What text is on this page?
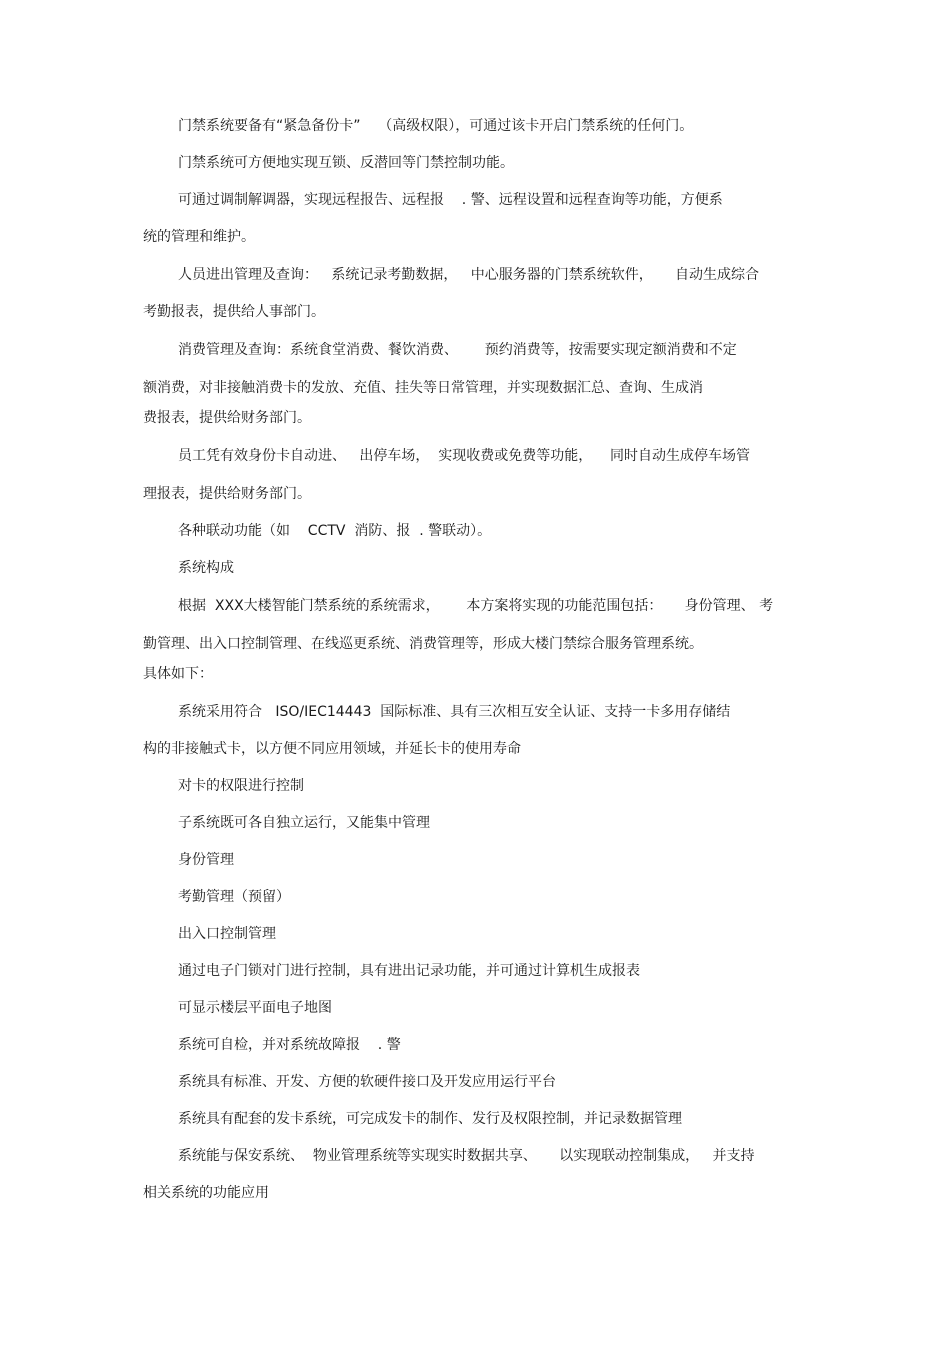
门禁系统要备有“紧急备份卡”    （高级权限），可通过该卡开启门禁系统的任何门。
门禁系统可方便地实现互锁、反潜回等门禁控制功能。
可通过调制解调器，实现远程报告、远程报    . 警、远程设置和远程查询等功能，方便系
统的管理和维护。
人员进出管理及查询：   系统记录考勤数据，   中心服务器的门禁系统软件，     自动生成综合
考勤报表，提供给人事部门。
消费管理及查询：系统食堂消费、餐饮消费、      预约消费等，按需要实现定额消费和不定
额消费，对非接触消费卡的发放、充值、挂失等日常管理，并实现数据汇总、查询、生成消
费报表，提供给财务部门。
员工凭有效身份卡自动进、   出停车场，  实现收费或免费等功能，    同时自动生成停车场管
理报表，提供给财务部门。
各种联动功能（如    CCTV  消防、报  . 警联动）。
系统构成
根据  XXX大楼智能门禁系统的系统需求，      本方案将实现的功能范围包括：     身份管理、 考
勤管理、出入口控制管理、在线巡更系统、消费管理等，形成大楼门禁综合服务管理系统。
具体如下：
系统采用符合   ISO/IEC14443  国际标准、具有三次相互安全认证、支持一卡多用存储结
构的非接触式卡，以方便不同应用领域，并延长卡的使用寿命
对卡的权限进行控制
子系统既可各自独立运行，又能集中管理
身份管理
考勤管理（预留）
出入口控制管理
通过电子门锁对门进行控制，具有进出记录功能，并可通过计算机生成报表
可显示楼层平面电子地图
系统可自检，并对系统故障报    . 警
系统具有标准、开发、方便的软硬件接口及开发应用运行平台
系统具有配套的发卡系统，可完成发卡的制作、发行及权限控制，并记录数据管理
系统能与保安系统、  物业管理系统等实现实时数据共享、     以实现联动控制集成，   并支持
相关系统的功能应用
